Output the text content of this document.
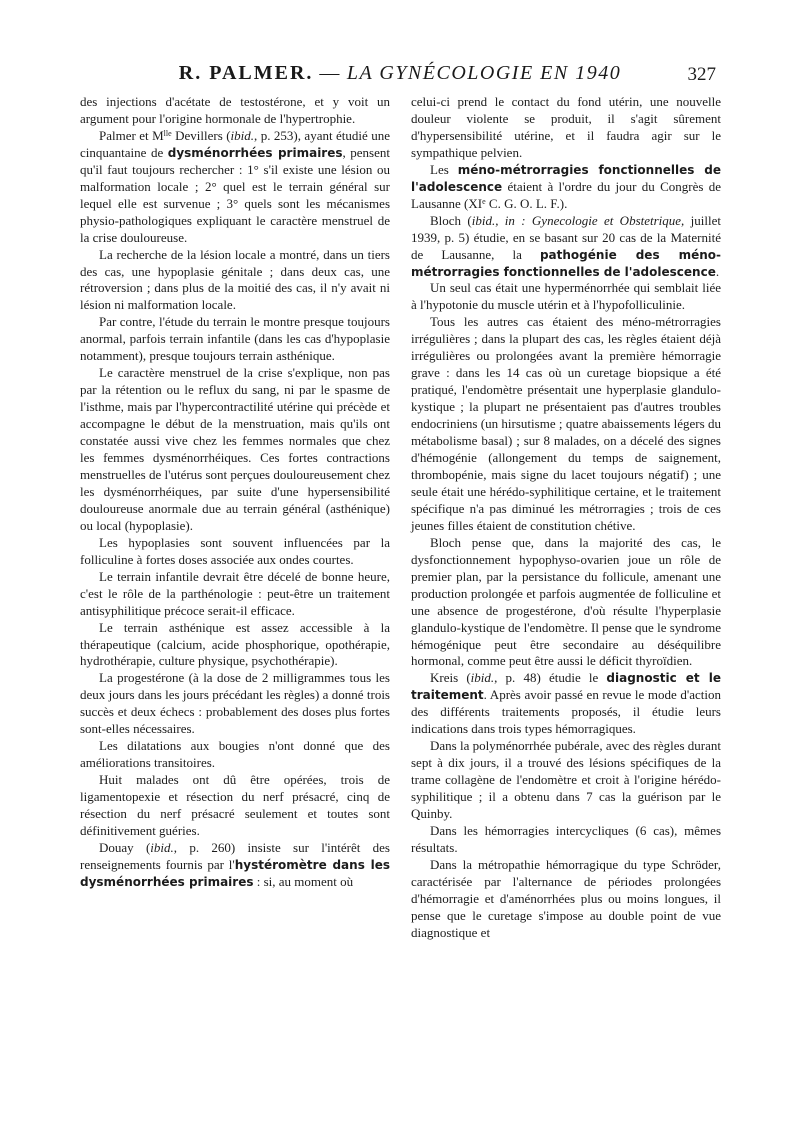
R. PALMER. — LA GYNÉCOLOGIE EN 1940	327

des injections d'acétate de testostérone, et y voit un argument pour l'origine hormonale de l'hypertrophie.

Palmer et $M^{lle}$ Devillers (ibid., p. 253), ayant étudié une cinquantaine de dysménorrhées primaires, pensent qu'il faut toujours rechercher : 1° s'il existe une lésion ou malformation locale ; 2° quel est le terrain général sur lequel elle est survenue ; 3° quels sont les mécanismes physio-pathologiques expliquant le caractère menstruel de la crise douloureuse.

La recherche de la lésion locale a montré, dans un tiers des cas, une hypoplasie génitale ; dans deux cas, une rétroversion ; dans plus de la moitié des cas, il n'y avait ni lésion ni malformation locale.

Par contre, l'étude du terrain le montre presque toujours anormal, parfois terrain infantile (dans les cas d'hypoplasie notamment), presque toujours terrain asthénique.

Le caractère menstruel de la crise s'explique, non pas par la rétention ou le reflux du sang, ni par le spasme de l'isthme, mais par l'hypercontractilité utérine qui précède et accompagne le début de la menstruation, mais qu'ils ont constatée aussi vive chez les femmes normales que chez les femmes dysménorrhéiques. Ces fortes contractions menstruelles de l'utérus sont perçues douloureusement chez les dysménorrhéiques, par suite d'une hypersensibilité douloureuse anormale due au terrain général (asthénique) ou local (hypoplasie).

Les hypoplasies sont souvent influencées par la folliculine à fortes doses associée aux ondes courtes.

Le terrain infantile devrait être décelé de bonne heure, c'est le rôle de la parthénologie : peut-être un traitement antisyphilitique précoce serait-il efficace.

Le terrain asthénique est assez accessible à la thérapeutique (calcium, acide phosphorique, opothérapie, hydrothérapie, culture physique, psychothérapie).

La progestérone (à la dose de 2 milligrammes tous les deux jours dans les jours précédant les règles) a donné trois succès et deux échecs : probablement des doses plus fortes sont-elles nécessaires.

Les dilatations aux bougies n'ont donné que des améliorations transitoires.

Huit malades ont dû être opérées, trois de ligamentopexie et résection du nerf présacré, cinq de résection du nerf présacré seulement et toutes sont définitivement guéries.

Douay (ibid., p. 260) insiste sur l'intérêt des renseignements fournis par l'hystéromètre dans les dysménorrhées primaires : si, au moment où

celui-ci prend le contact du fond utérin, une nouvelle douleur violente se produit, il s'agit sûrement d'hypersensibilité utérine, et il faudra agir sur le sympathique pelvien.

Les méno-métrorragies fonctionnelles de l'adolescence étaient à l'ordre du jour du Congrès de Lausanne (XIe C. G. O. L. F.).

Bloch (ibid., in : Gynecologie et Obstetrique, juillet 1939, p. 5) étudie, en se basant sur 20 cas de la Maternité de Lausanne, la pathogénie des méno-métrorragies fonctionnelles de l'adolescence.

Un seul cas était une hyperménorrhée qui semblait liée à l'hypotonie du muscle utérin et à l'hypofolliculinie.

Tous les autres cas étaient des méno-métrorragies irrégulières ; dans la plupart des cas, les règles étaient déjà irrégulières ou prolongées avant la première hémorragie grave : dans les 14 cas où un curetage biopsique a été pratiqué, l'endomètre présentait une hyperplasie glandulo-kystique ; la plupart ne présentaient pas d'autres troubles endocriniens (un hirsutisme ; quatre abaissements légers du métabolisme basal) ; sur 8 malades, on a décelé des signes d'hémogénie (allongement du temps de saignement, thrombopénie, mais signe du lacet toujours négatif) ; une seule était une hérédo-syphilitique certaine, et le traitement spécifique n'a pas diminué les métrorragies ; trois de ces jeunes filles étaient de constitution chétive.

Bloch pense que, dans la majorité des cas, le dysfonctionnement hypophyso-ovarien joue un rôle de premier plan, par la persistance du follicule, amenant une production prolongée et parfois augmentée de folliculine et une absence de progestérone, d'où résulte l'hyperplasie glandulo-kystique de l'endomètre. Il pense que le syndrome hémogénique peut être secondaire au déséquilibre hormonal, comme peut être aussi le déficit thyroïdien.

Kreis (ibid., p. 48) étudie le diagnostic et le traitement. Après avoir passé en revue le mode d'action des différents traitements proposés, il étudie leurs indications dans trois types hémorragiques.

Dans la polyménorrhée pubérale, avec des règles durant sept à dix jours, il a trouvé des lésions spécifiques de la trame collagène de l'endomètre et croit à l'origine hérédo-syphilitique ; il a obtenu dans 7 cas la guérison par le Quinby.

Dans les hémorragies intercycliques (6 cas), mêmes résultats.

Dans la métropathie hémorragique du type Schröder, caractérisée par l'alternance de périodes prolongées d'hémorragie et d'aménorrhées plus ou moins longues, il pense que le curetage s'impose au double point de vue diagnostique et
